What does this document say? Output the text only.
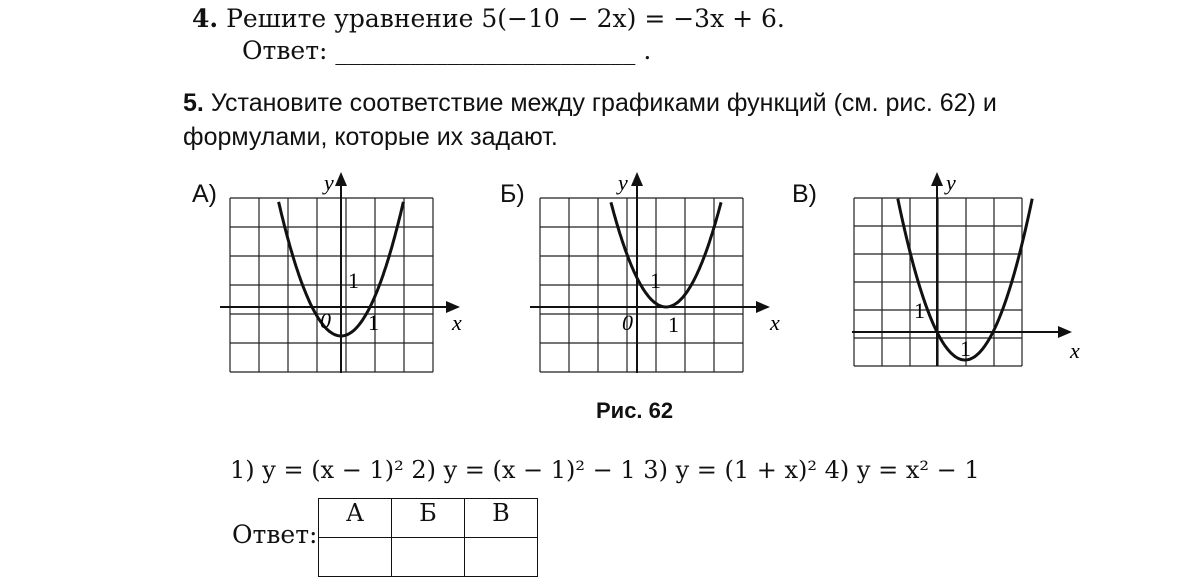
4. Решите уравнение 5(−10 − 2x) = −3x + 6.
Ответ: ________________________ .
5. Установите соответствие между графиками функций (см. рис. 62) и формулами, которые их задают.
А)	y
x
0 1
1
Б)	y
x
0 1
1
В)	y
x
1
1
Рис. 62
1) y = (x − 1)² 2) y = (x − 1)² − 1 3) y = (1 + x)² 4) y = x² − 1
Ответ:
А	Б	В
